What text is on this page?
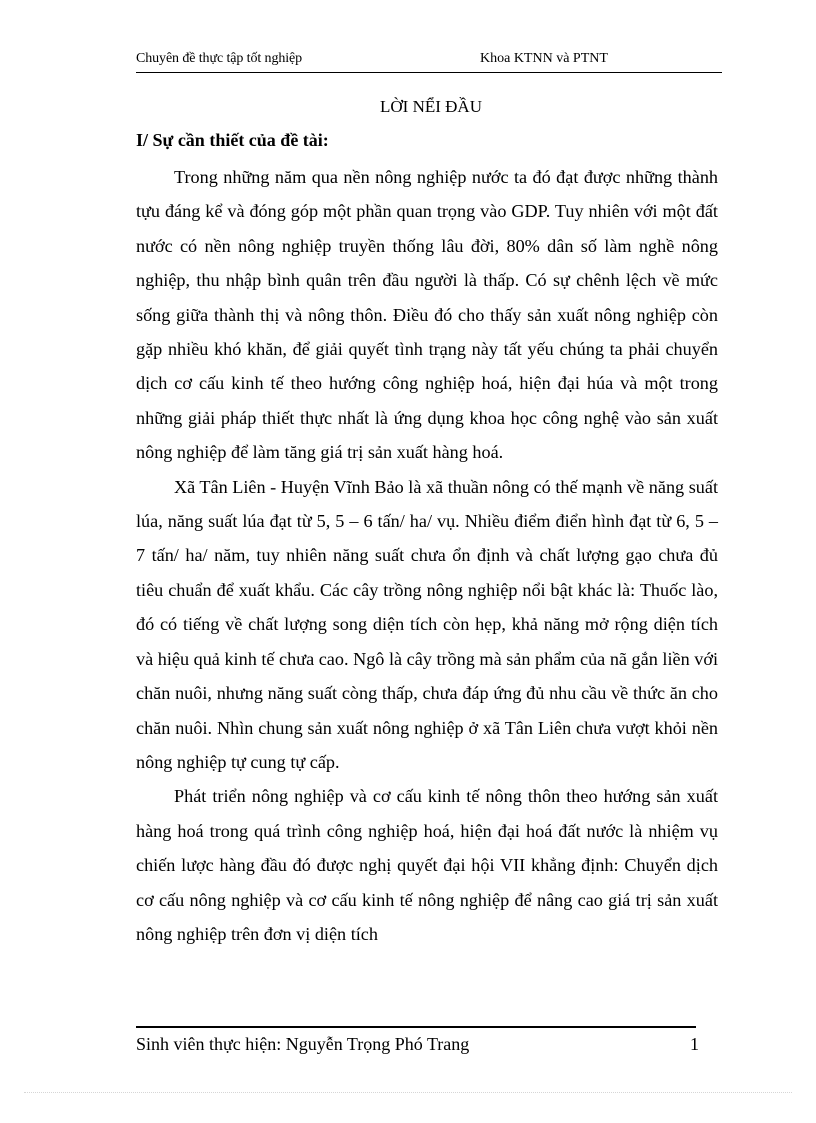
Chuyên đề thực tập tốt nghiệp	Khoa KTNN và PTNT
LỜI NỂI ĐẦU
I/ Sự cần thiết của đề tài:

Trong những năm qua nền nông nghiệp nước ta đó đạt được những thành tựu đáng kể và đóng góp một phần quan trọng vào GDP. Tuy nhiên với một đất nước có nền nông nghiệp truyền thống lâu đời, 80% dân số làm nghề nông nghiệp, thu nhập bình quân trên đầu người là thấp. Có sự chênh lệch về mức sống giữa thành thị và nông thôn. Điều đó cho thấy sản xuất nông nghiệp còn gặp nhiều khó khăn, để giải quyết tình trạng này tất yếu chúng ta phải chuyển dịch cơ cấu kinh tế theo hướng công nghiệp hoá, hiện đại húa và một trong những giải pháp thiết thực nhất là ứng dụng khoa học công nghệ vào sản xuất nông nghiệp để làm tăng giá trị sản xuất hàng hoá.

Xã Tân Liên - Huyện Vĩnh Bảo là xã thuần nông có thế mạnh về năng suất lúa, năng suất lúa đạt từ 5, 5 – 6 tấn/ ha/ vụ. Nhiều điểm điển hình đạt từ 6, 5 – 7 tấn/ ha/ năm, tuy nhiên năng suất chưa ổn định và chất lượng gạo chưa đủ tiêu chuẩn để xuất khẩu. Các cây trồng nông nghiệp nổi bật khác là: Thuốc lào, đó có tiếng về chất lượng song diện tích còn hẹp, khả năng mở rộng diện tích và hiệu quả kinh tế chưa cao. Ngô là cây trồng mà sản phẩm của nã gắn liền với chăn nuôi, nhưng năng suất còng thấp, chưa đáp ứng đủ nhu cầu về thức ăn cho chăn nuôi. Nhìn chung sản xuất nông nghiệp ở xã Tân Liên chưa vượt khỏi nền nông nghiệp tự cung tự cấp.

Phát triển nông nghiệp và cơ cấu kinh tế nông thôn theo hướng sản xuất hàng hoá trong quá trình công nghiệp hoá, hiện đại hoá đất nước là nhiệm vụ chiến lược hàng đầu đó được nghị quyết đại hội VII khẳng định: Chuyển dịch cơ cấu nông nghiệp và cơ cấu kinh tế nông nghiệp để nâng cao giá trị sản xuất nông nghiệp trên đơn vị diện tích

Sinh viên thực hiện: Nguyễn Trọng Phó Trang	1
